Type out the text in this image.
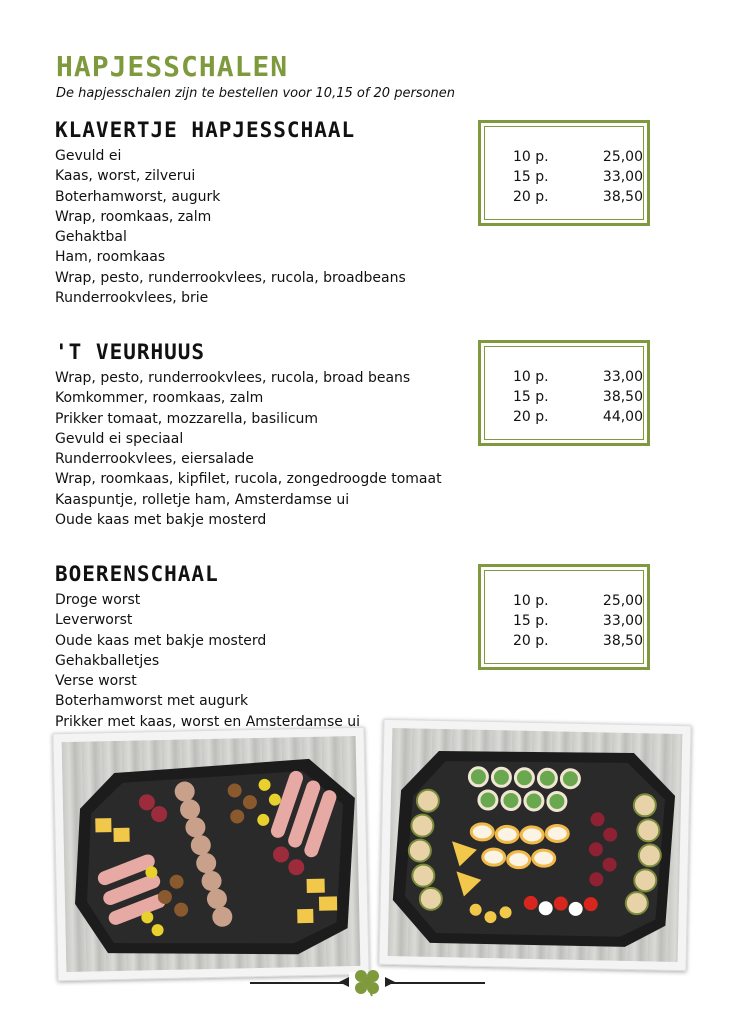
HAPJESSCHALEN
De hapjesschalen zijn te bestellen voor 10,15 of 20 personen
KLAVERTJE HAPJESSCHAAL
Gevuld ei
Kaas, worst, zilverui
Boterhamworst, augurk
Wrap, roomkaas, zalm
Gehaktbal
Ham, roomkaas
Wrap, pesto, runderrookvlees, rucola, broadbeans
Runderrookvlees, brie
10 p.	25,00
15 p.	33,00
20 p.	38,50
'T VEURHUUS
Wrap, pesto, runderrookvlees, rucola, broad beans
Komkommer, roomkaas, zalm
Prikker tomaat, mozzarella, basilicum
Gevuld ei speciaal
Runderrookvlees, eiersalade
Wrap, roomkaas, kipfilet, rucola, zongedroogde tomaat
Kaaspuntje, rolletje ham, Amsterdamse ui
Oude kaas met bakje mosterd
10 p.	33,00
15 p.	38,50
20 p.	44,00
BOERENSCHAAL
Droge worst
Leverworst
Oude kaas met bakje mosterd
Gehakballetjes
Verse worst
Boterhamworst met augurk
Prikker met kaas, worst en Amsterdamse ui
10 p.	25,00
15 p.	33,00
20 p.	38,50
